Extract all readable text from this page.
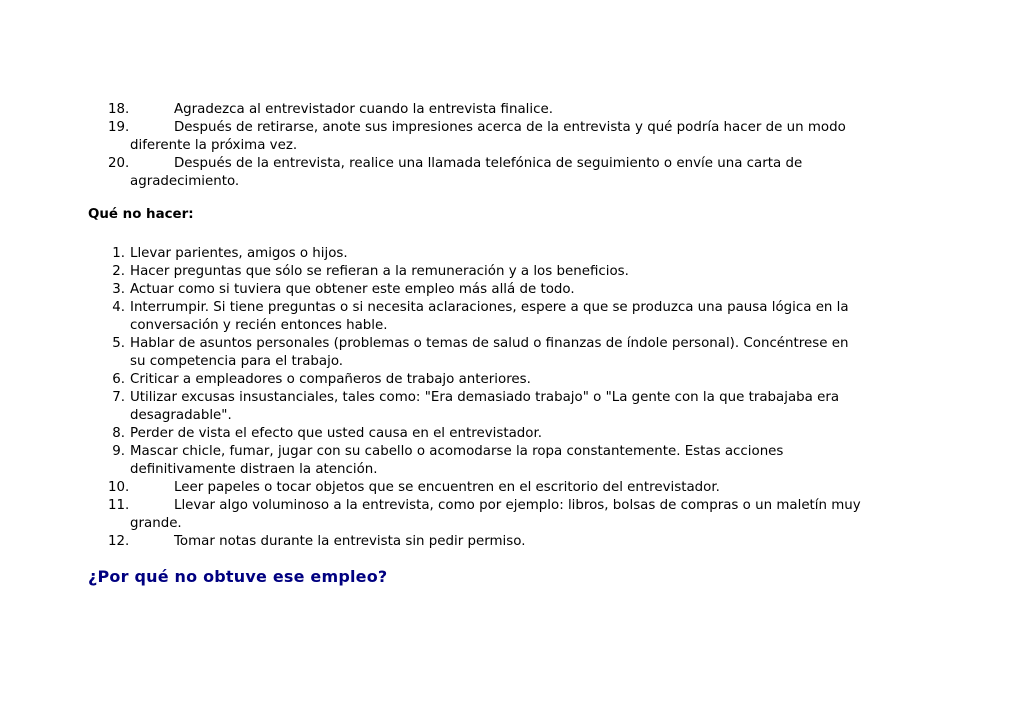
18.	Agradezca al entrevistador cuando la entrevista finalice.
19.	Después de retirarse, anote sus impresiones acerca de la entrevista y qué podría hacer de un modo
diferente la próxima vez.
20.	Después de la entrevista, realice una llamada telefónica de seguimiento o envíe una carta de
agradecimiento.
Qué no hacer:
1. Llevar parientes, amigos o hijos.
2. Hacer preguntas que sólo se refieran a la remuneración y a los beneficios.
3. Actuar como si tuviera que obtener este empleo más allá de todo.
4. Interrumpir. Si tiene preguntas o si necesita aclaraciones, espere a que se produzca una pausa lógica en la
conversación y recién entonces hable.
5. Hablar de asuntos personales (problemas o temas de salud o finanzas de índole personal). Concéntrese en
su competencia para el trabajo.
6. Criticar a empleadores o compañeros de trabajo anteriores.
7. Utilizar excusas insustanciales, tales como: "Era demasiado trabajo" o "La gente con la que trabajaba era
desagradable".
8. Perder de vista el efecto que usted causa en el entrevistador.
9. Mascar chicle, fumar, jugar con su cabello o acomodarse la ropa constantemente. Estas acciones
definitivamente distraen la atención.
10.	Leer papeles o tocar objetos que se encuentren en el escritorio del entrevistador.
11.	Llevar algo voluminoso a la entrevista, como por ejemplo: libros, bolsas de compras o un maletín muy
grande.
12.	Tomar notas durante la entrevista sin pedir permiso.
¿Por qué no obtuve ese empleo?
